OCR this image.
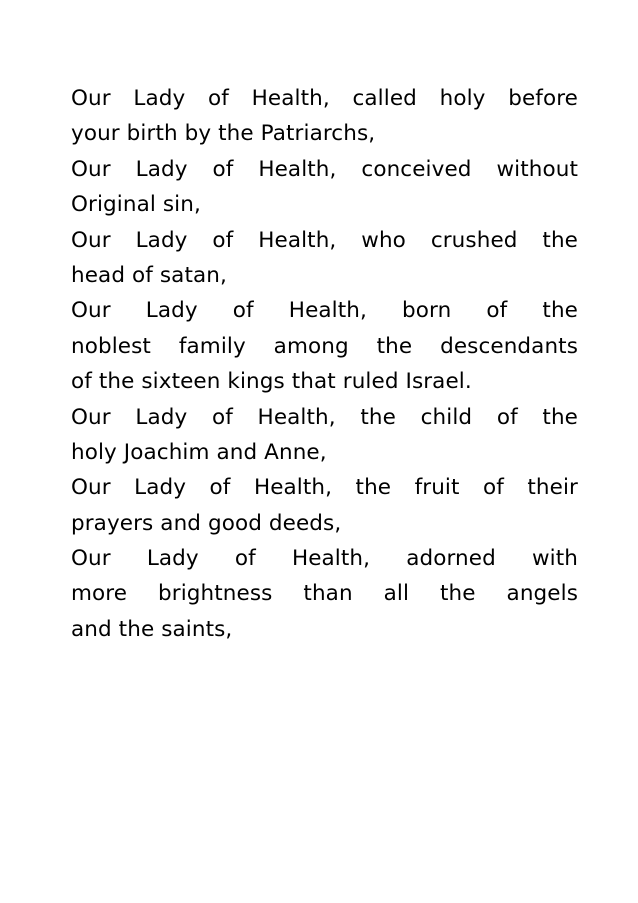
Our Lady of Health, called holy before
your birth by the Patriarchs,
Our Lady of Health, conceived without
Original sin,
Our Lady of Health, who crushed the
head of satan,
Our Lady of Health, born of the
noblest family among the descendants
of the sixteen kings that ruled Israel.
Our Lady of Health, the child of the
holy Joachim and Anne,
Our Lady of Health, the fruit of their
prayers and good deeds,
Our Lady of Health, adorned with
more brightness than all the angels
and the saints,
